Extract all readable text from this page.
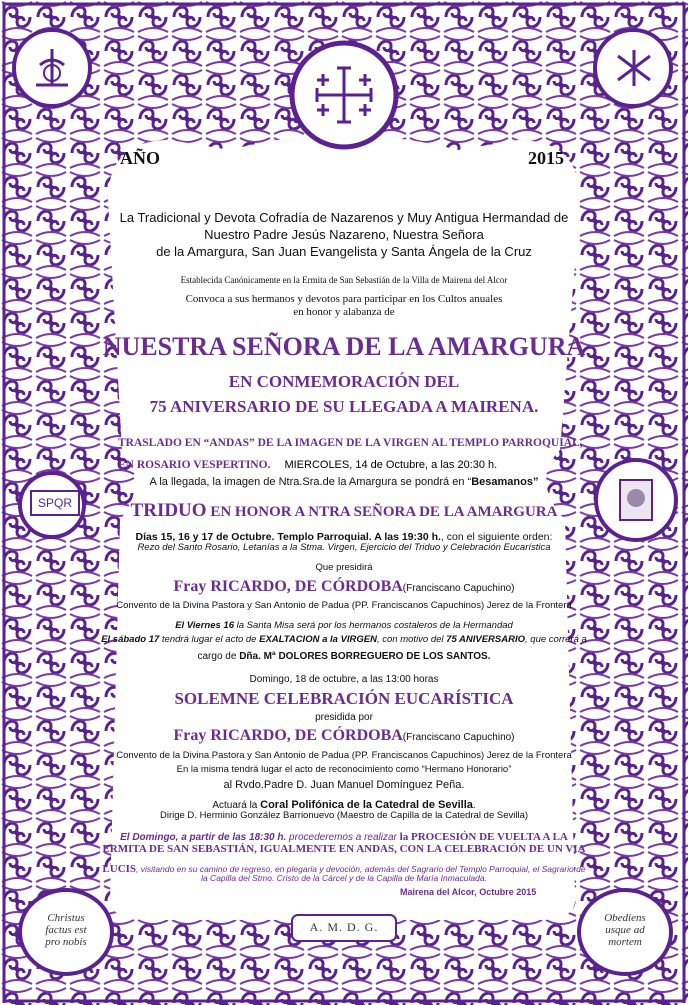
SPQR
Christus
factus est
pro nobis
Obediens
usque ad
mortem
A. M. D. G.
AÑO	2015
La Tradicional y Devota Cofradía de Nazarenos y Muy Antigua Hermandad de
Nuestro Padre Jesús Nazareno, Nuestra Señora
de la Amargura, San Juan Evangelista y Santa Ángela de la Cruz
Establecida Canónicamente en la Ermita de San Sebastián de la Villa de Mairena del Alcor
Convoca a sus hermanos y devotos para participar en los Cultos anuales
en honor y alabanza de
NUESTRA SEÑORA DE LA AMARGURA
EN CONMEMORACIÓN DEL
75 ANIVERSARIO DE SU LLEGADA A MAIRENA.
TRASLADO EN “ANDAS” DE LA IMAGEN DE LA VIRGEN AL TEMPLO PARROQUIAL,
EN ROSARIO VESPERTINO. MIERCOLES, 14 de Octubre, a las 20:30 h.
A la llegada, la imagen de Ntra.Sra.de la Amargura se pondrá en “Besamanos”
TRIDUO EN HONOR A NTRA SEÑORA DE LA AMARGURA
Días 15, 16 y 17 de Octubre. Templo Parroquial. A las 19:30 h., con el siguiente orden:
Rezo del Santo Rosario, Letanías a la Stma. Virgen, Ejercicio del Triduo y Celebración Eucarística
Que presidirá
Fray RICARDO, DE CÓRDOBA(Franciscano Capuchino)
Convento de la Divina Pastora y San Antonio de Padua (PP. Franciscanos Capuchinos) Jerez de la Frontera
El Viernes 16 la Santa Misa será por los hermanos costaleros de la Hermandad
El sábado 17 tendrá lugar el acto de EXALTACION a la VIRGEN, con motivo del 75 ANIVERSARIO, que correrá a
cargo de Dña. Mª DOLORES BORREGUERO DE LOS SANTOS.
Domingo, 18 de octubre, a las 13:00 horas
SOLEMNE CELEBRACIÓN EUCARÍSTICA
presidida por
Fray RICARDO, DE CÓRDOBA(Franciscano Capuchino)
Convento de la Divina Pastora y San Antonio de Padua (PP. Franciscanos Capuchinos) Jerez de la Frontera
En la misma tendrá lugar el acto de reconocimiento como “Hermano Honorario”
al Rvdo.Padre D. Juan Manuel Domínguez Peña.
Actuará la Coral Polifónica de la Catedral de Sevilla.
Dirige D. Herminio González Barrionuevo (Maestro de Capilla de la Catedral de Sevilla)
El Domingo, a partir de las 18:30 h. procederemos a realizar la PROCESIÓN DE VUELTA A LA
ERMITA DE SAN SEBASTIÁN, IGUALMENTE EN ANDAS, CON LA CELEBRACIÓN DE UN VIA
LUCIS, visitando en su camino de regreso, en plegaria y devoción, además del Sagrario del Templo Parroquial, el Sagrario de
la Capilla del Stmo. Cristo de la Cárcel y de la Capilla de María Inmaculada.
Mairena del Alcor, Octubre 2015
